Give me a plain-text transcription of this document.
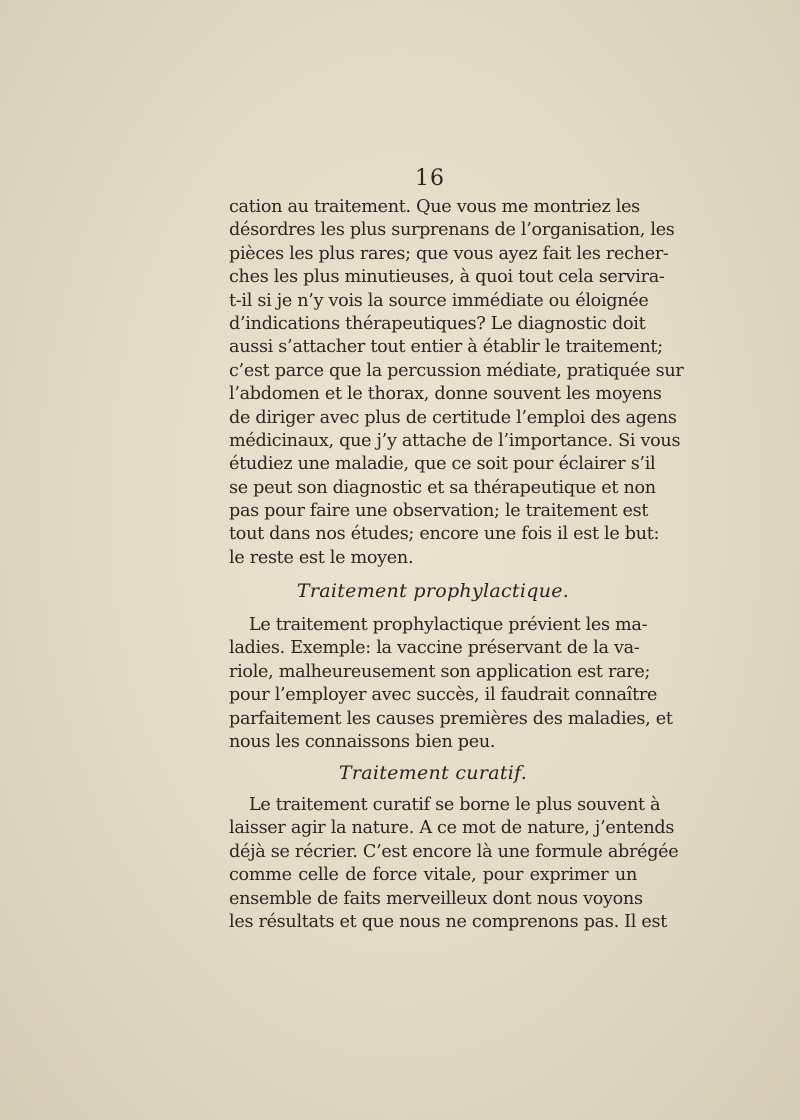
16
cation au traitement. Que vous me montriez les
désordres les plus surprenans de l’organisation, les
pièces les plus rares; que vous ayez fait les recher-
ches les plus minutieuses, à quoi tout cela servira-
t-il si je n’y vois la source immédiate ou éloignée
d’indications thérapeutiques? Le diagnostic doit
aussi s’attacher tout entier à établir le traitement;
c’est parce que la percussion médiate, pratiquée sur
l’abdomen et le thorax, donne souvent les moyens
de diriger avec plus de certitude l’emploi des agens
médicinaux, que j’y attache de l’importance. Si vous
étudiez une maladie, que ce soit pour éclairer s’il
se peut son diagnostic et sa thérapeutique et non
pas pour faire une observation; le traitement est
tout dans nos études; encore une fois il est le but:
le reste est le moyen.
Traitement prophylactique.
Le traitement prophylactique prévient les ma-
ladies. Exemple: la vaccine préservant de la va-
riole, malheureusement son application est rare;
pour l’employer avec succès, il faudrait connaître
parfaitement les causes premières des maladies, et
nous les connaissons bien peu.
Traitement curatif.
Le traitement curatif se borne le plus souvent à
laisser agir la nature. A ce mot de nature, j’entends
déjà se récrier. C’est encore là une formule abrégée
comme celle de force vitale, pour exprimer un
ensemble de faits merveilleux dont nous voyons
les résultats et que nous ne comprenons pas. Il est
